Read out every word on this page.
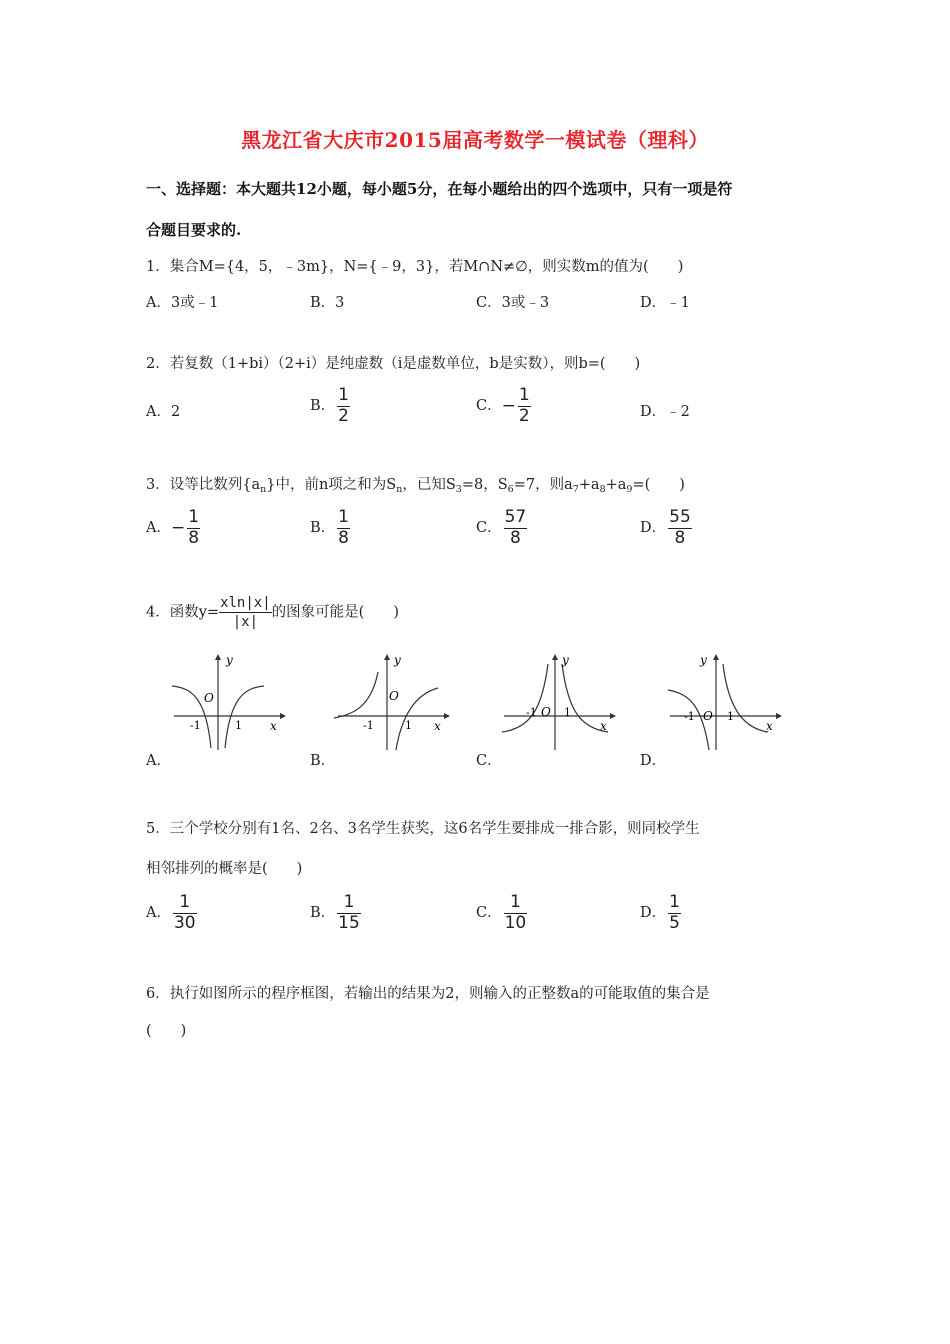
黑龙江省大庆市2015届高考数学一模试卷（理科）
一、选择题：本大题共12小题，每小题5分，在每小题给出的四个选项中，只有一项是符
合题目要求的.
1．集合M={4，5，﹣3m}，N={﹣9，3}，若M∩N≠∅，则实数m的值为(　　)
A．3或﹣1	B．3	C．3或﹣3	D．﹣1
2．若复数（1+bi）（2+i）是纯虚数（i是虚数单位，b是实数），则b=(　　)
A．2	B． $\frac{1}{2}$	C．− $\frac{1}{2}$	D．﹣2
3．设等比数列$\{a_n\}$中，前n项之和为$S_n$，已知$S_3=8$，$S_6=7$，则$a_7+a_8+a_9=$(　　)
A．− $\frac{1}{8}$	B． $\frac{1}{8}$	C． $\frac{57}{8}$	D． $\frac{55}{8}$
4．函数$y= \frac{xln|x|}{|x|}$ 的图象可能是(　　)
y
x
O
-1	1
y
x
O
-1	1
y
x
O
-1 1
y
x
O
-1	1
A．	B．	C．	D．
5．三个学校分别有1名、2名、3名学生获奖，这6名学生要排成一排合影，则同校学生
相邻排列的概率是(　　)
A． $\frac{1}{30}$	B． $\frac{1}{15}$	C． $\frac{1}{10}$	D． $\frac{1}{5}$
6．执行如图所示的程序框图，若输出的结果为2，则输入的正整数a的可能取值的集合是
(　　)
